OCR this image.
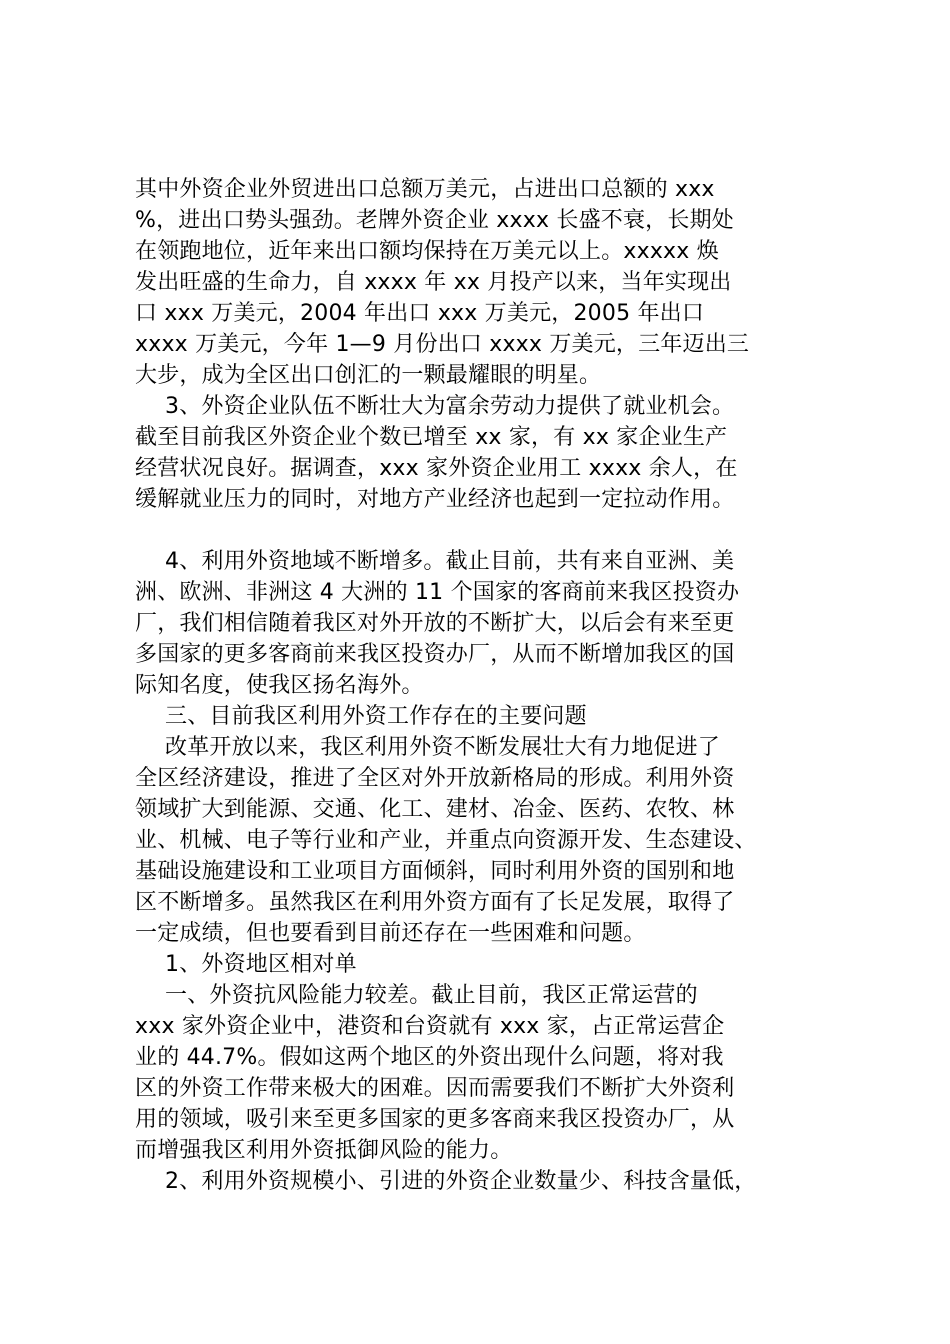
其中外资企业外贸进出口总额万美元，占进出口总额的 xxx

%，进出口势头强劲。老牌外资企业 xxxx 长盛不衰，长期处

在领跑地位，近年来出口额均保持在万美元以上。xxxxx 焕

发出旺盛的生命力，自 xxxx 年 xx 月投产以来，当年实现出

口 xxx 万美元，2004 年出口 xxx 万美元，2005 年出口

xxxx 万美元，今年 1—9 月份出口 xxxx 万美元，三年迈出三

大步，成为全区出口创汇的一颗最耀眼的明星。

3、外资企业队伍不断壮大为富余劳动力提供了就业机会。

截至目前我区外资企业个数已增至 xx 家，有 xx 家企业生产

经营状况良好。据调查，xxx 家外资企业用工 xxxx 余人，在

缓解就业压力的同时，对地方产业经济也起到一定拉动作用。

4、利用外资地域不断增多。截止目前，共有来自亚洲、美

洲、欧洲、非洲这 4 大洲的 11 个国家的客商前来我区投资办

厂，我们相信随着我区对外开放的不断扩大，以后会有来至更

多国家的更多客商前来我区投资办厂，从而不断增加我区的国

际知名度，使我区扬名海外。

三、目前我区利用外资工作存在的主要问题

改革开放以来，我区利用外资不断发展壮大有力地促进了

全区经济建设，推进了全区对外开放新格局的形成。利用外资

领域扩大到能源、交通、化工、建材、冶金、医药、农牧、林

业、机械、电子等行业和产业，并重点向资源开发、生态建设、

基础设施建设和工业项目方面倾斜，同时利用外资的国别和地

区不断增多。虽然我区在利用外资方面有了长足发展，取得了

一定成绩，但也要看到目前还存在一些困难和问题。

1、外资地区相对单

一、外资抗风险能力较差。截止目前，我区正常运营的

xxx 家外资企业中，港资和台资就有 xxx 家，占正常运营企

业的 44.7%。假如这两个地区的外资出现什么问题，将对我

区的外资工作带来极大的困难。因而需要我们不断扩大外资利

用的领域，吸引来至更多国家的更多客商来我区投资办厂，从

而增强我区利用外资抵御风险的能力。

2、利用外资规模小、引进的外资企业数量少、科技含量低，
